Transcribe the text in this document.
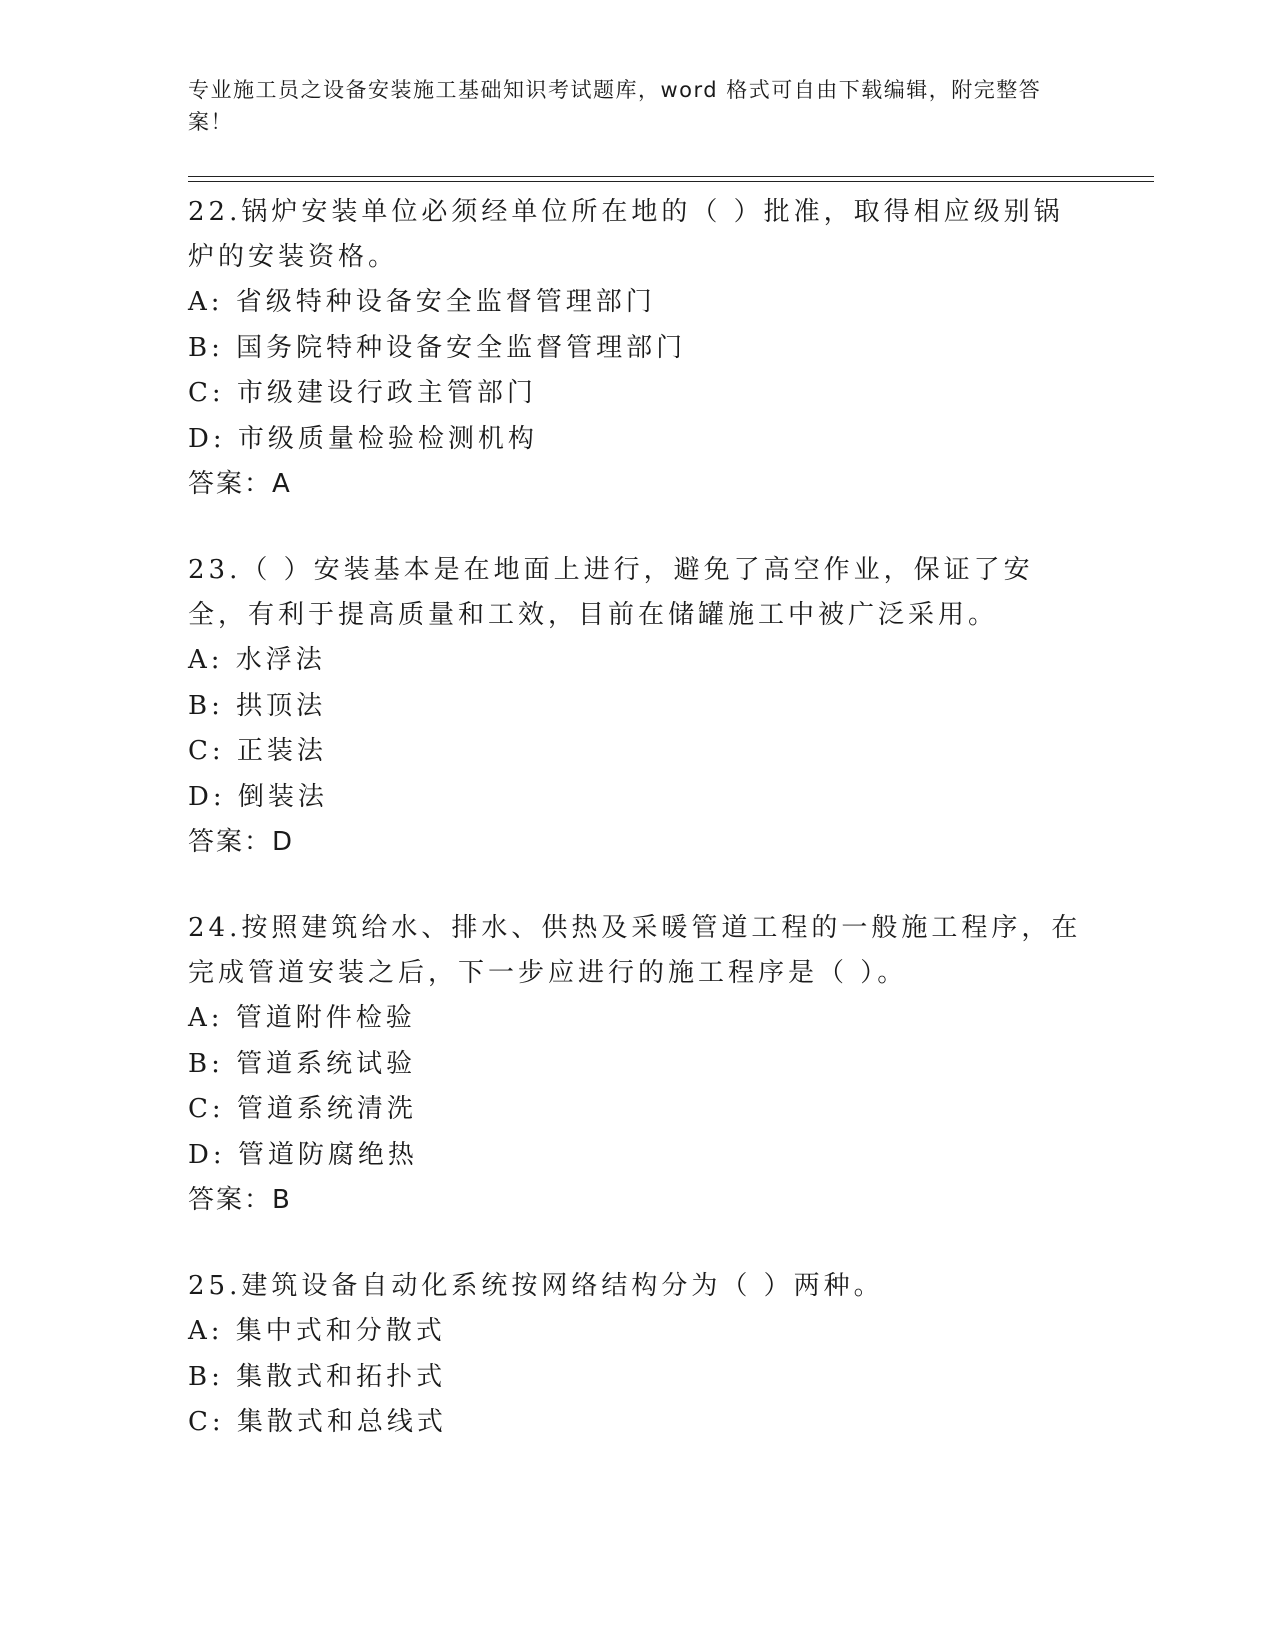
专业施工员之设备安装施工基础知识考试题库，word 格式可自由下载编辑，附完整答案！

22.锅炉安装单位必须经单位所在地的（ ）批准，取得相应级别锅炉的安装资格。

A: 省级特种设备安全监督管理部门
B: 国务院特种设备安全监督管理部门
C: 市级建设行政主管部门
D: 市级质量检验检测机构
答案：A

23.（ ）安装基本是在地面上进行，避免了高空作业，保证了安全，有利于提高质量和工效，目前在储罐施工中被广泛采用。

A: 水浮法
B: 拱顶法
C: 正装法
D: 倒装法
答案：D

24.按照建筑给水、排水、供热及采暖管道工程的一般施工程序，在完成管道安装之后，下一步应进行的施工程序是（ ）。

A: 管道附件检验
B: 管道系统试验
C: 管道系统清洗
D: 管道防腐绝热
答案：B

25.建筑设备自动化系统按网络结构分为（ ）两种。

A: 集中式和分散式
B: 集散式和拓扑式
C: 集散式和总线式
